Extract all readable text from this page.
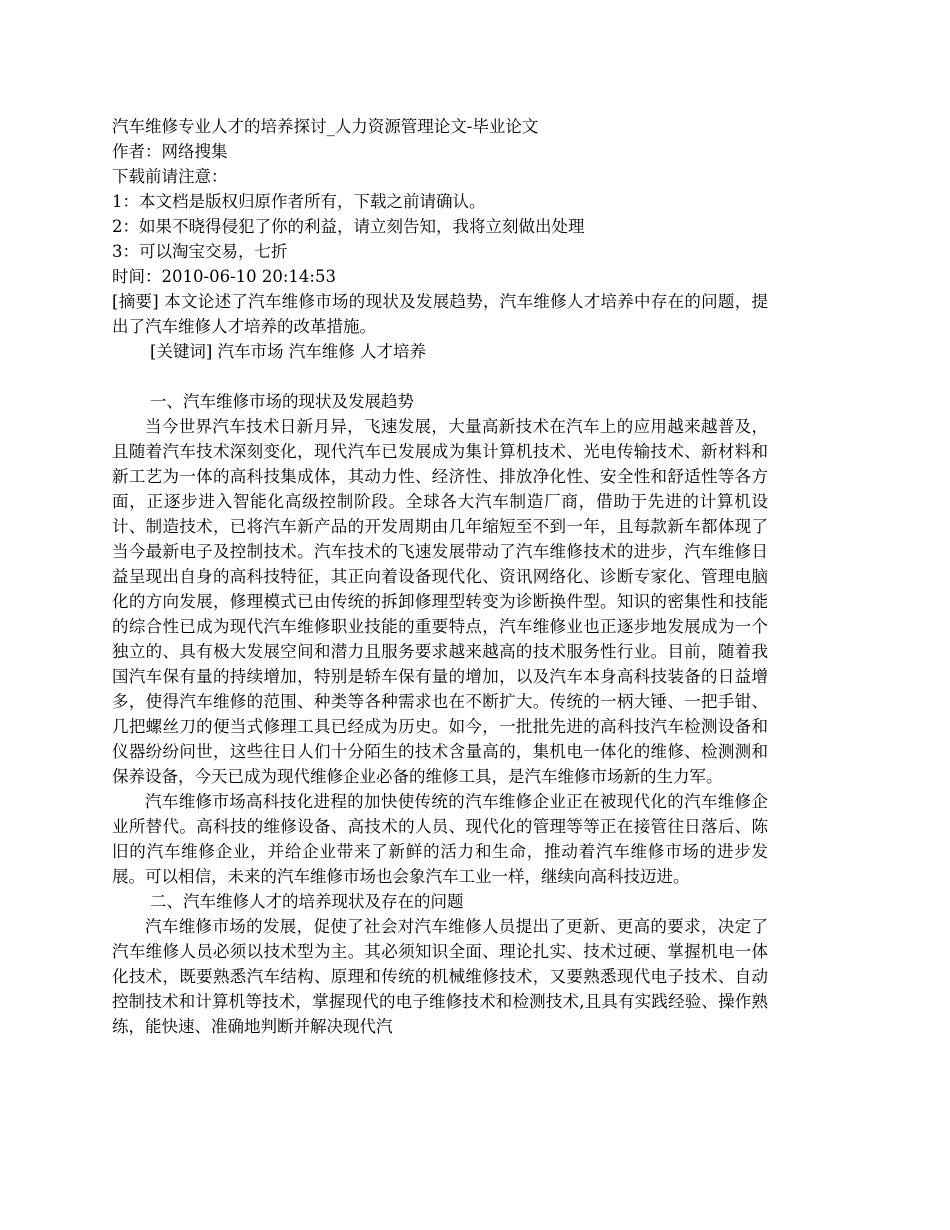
汽车维修专业人才的培养探讨_人力资源管理论文-毕业论文
作者：网络搜集
下载前请注意：
1：本文档是版权归原作者所有，下载之前请确认。
2：如果不晓得侵犯了你的利益，请立刻告知，我将立刻做出处理
3：可以淘宝交易，七折
时间：2010-06-10 20:14:53

[摘要] 本文论述了汽车维修市场的现状及发展趋势，汽车维修人才培养中存在的问题，提出了汽车维修人才培养的改革措施。

[关键词] 汽车市场 汽车维修 人才培养
一、汽车维修市场的现状及发展趋势

当今世界汽车技术日新月异，飞速发展，大量高新技术在汽车上的应用越来越普及，且随着汽车技术深刻变化，现代汽车已发展成为集计算机技术、光电传输技术、新材料和新工艺为一体的高科技集成体，其动力性、经济性、排放净化性、安全性和舒适性等各方面，正逐步进入智能化高级控制阶段。全球各大汽车制造厂商，借助于先进的计算机设计、制造技术，已将汽车新产品的开发周期由几年缩短至不到一年，且每款新车都体现了当今最新电子及控制技术。汽车技术的飞速发展带动了汽车维修技术的进步，汽车维修日益呈现出自身的高科技特征，其正向着设备现代化、资讯网络化、诊断专家化、管理电脑化的方向发展，修理模式已由传统的拆卸修理型转变为诊断换件型。知识的密集性和技能的综合性已成为现代汽车维修职业技能的重要特点，汽车维修业也正逐步地发展成为一个独立的、具有极大发展空间和潜力且服务要求越来越高的技术服务性行业。目前，随着我国汽车保有量的持续增加，特别是轿车保有量的增加，以及汽车本身高科技装备的日益增多，使得汽车维修的范围、种类等各种需求也在不断扩大。传统的一柄大锤、一把手钳、几把螺丝刀的便当式修理工具已经成为历史。如今，一批批先进的高科技汽车检测设备和仪器纷纷问世，这些往日人们十分陌生的技术含量高的，集机电一体化的维修、检测测和保养设备，今天已成为现代维修企业必备的维修工具，是汽车维修市场新的生力军。

汽车维修市场高科技化进程的加快使传统的汽车维修企业正在被现代化的汽车维修企业所替代。高科技的维修设备、高技术的人员、现代化的管理等等正在接管往日落后、陈旧的汽车维修企业，并给企业带来了新鲜的活力和生命，推动着汽车维修市场的进步发展。可以相信，未来的汽车维修市场也会象汽车工业一样，继续向高科技迈进。

二、汽车维修人才的培养现状及存在的问题

汽车维修市场的发展，促使了社会对汽车维修人员提出了更新、更高的要求，决定了汽车维修人员必须以技术型为主。其必须知识全面、理论扎实、技术过硬、掌握机电一体化技术，既要熟悉汽车结构、原理和传统的机械维修技术，又要熟悉现代电子技术、自动控制技术和计算机等技术，掌握现代的电子维修技术和检测技术,且具有实践经验、操作熟练，能快速、准确地判断并解决现代汽
